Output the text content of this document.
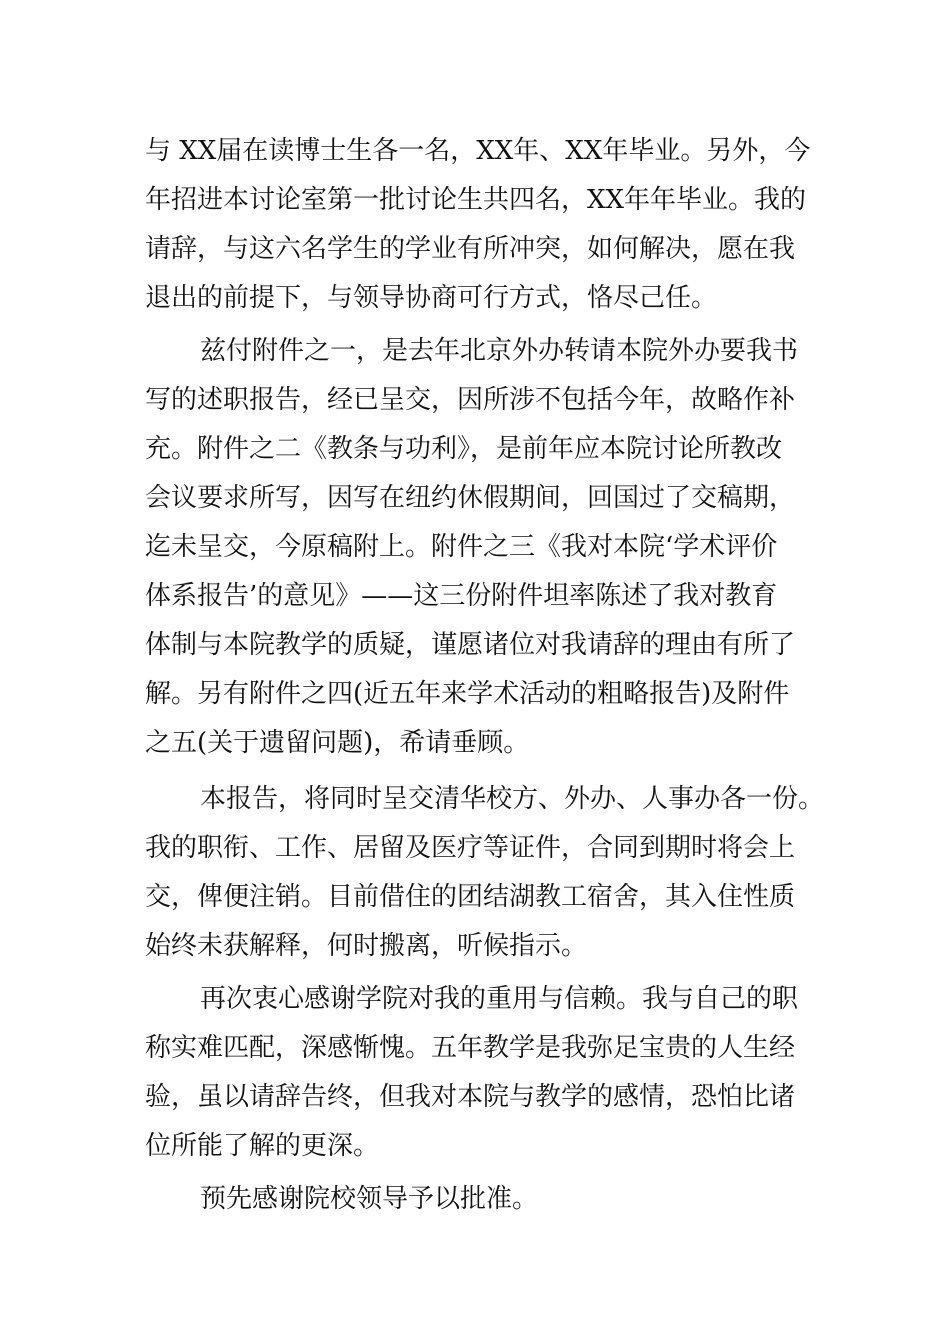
与 XX届在读博士生各一名，XX年、XX年毕业。另外，今
年招进本讨论室第一批讨论生共四名，XX年年毕业。我的
请辞，与这六名学生的学业有所冲突，如何解决，愿在我
退出的前提下，与领导协商可行方式，恪尽己任。
兹付附件之一，是去年北京外办转请本院外办要我书
写的述职报告，经已呈交，因所涉不包括今年，故略作补
充。附件之二《教条与功利》，是前年应本院讨论所教改
会议要求所写，因写在纽约休假期间，回国过了交稿期，
迄未呈交，今原稿附上。附件之三《我对本院‘学术评价
体系报告’的意见》——这三份附件坦率陈述了我对教育
体制与本院教学的质疑，谨愿诸位对我请辞的理由有所了
解。另有附件之四(近五年来学术活动的粗略报告)及附件
之五(关于遗留问题)，希请垂顾。
本报告，将同时呈交清华校方、外办、人事办各一份。
我的职衔、工作、居留及医疗等证件，合同到期时将会上
交，俾便注销。目前借住的团结湖教工宿舍，其入住性质
始终未获解释，何时搬离，听候指示。
再次衷心感谢学院对我的重用与信赖。我与自己的职
称实难匹配，深感惭愧。五年教学是我弥足宝贵的人生经
验，虽以请辞告终，但我对本院与教学的感情，恐怕比诸
位所能了解的更深。
预先感谢院校领导予以批准。
